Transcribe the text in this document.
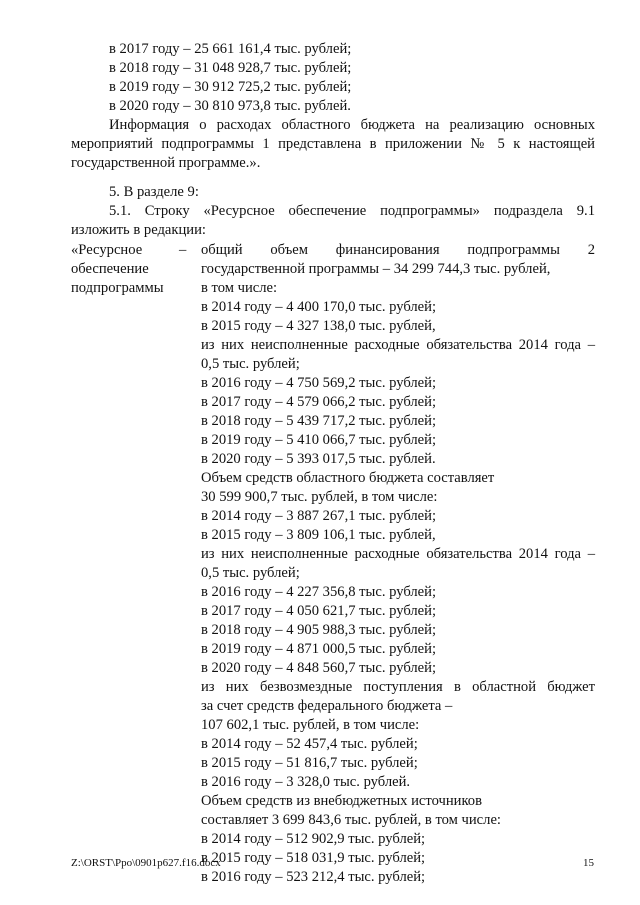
в 2017 году – 25 661 161,4 тыс. рублей;
в 2018 году – 31 048 928,7 тыс. рублей;
в 2019 году – 30 912 725,2 тыс. рублей;
в 2020 году – 30 810 973,8 тыс. рублей.
Информация о расходах областного бюджета на реализацию основных
мероприятий подпрограммы 1 представлена в приложении № 5 к настоящей
государственной программе.».
5. В разделе 9:
5.1. Строку «Ресурсное обеспечение подпрограммы» подраздела 9.1
изложить в редакции:
«Ресурсное
обеспечение
подпрограммы
– общий объем финансирования подпрограммы 2
государственной программы – 34 299 744,3 тыс. рублей,
в том числе:
в 2014 году – 4 400 170,0 тыс. рублей;
в 2015 году – 4 327 138,0 тыс. рублей,
из них неисполненные расходные обязательства 2014 года –
0,5 тыс. рублей;
в 2016 году – 4 750 569,2 тыс. рублей;
в 2017 году – 4 579 066,2 тыс. рублей;
в 2018 году – 5 439 717,2 тыс. рублей;
в 2019 году – 5 410 066,7 тыс. рублей;
в 2020 году – 5 393 017,5 тыс. рублей.
Объем средств областного бюджета составляет
30 599 900,7 тыс. рублей, в том числе:
в 2014 году – 3 887 267,1 тыс. рублей;
в 2015 году – 3 809 106,1 тыс. рублей,
из них неисполненные расходные обязательства 2014 года –
0,5 тыс. рублей;
в 2016 году – 4 227 356,8 тыс. рублей;
в 2017 году – 4 050 621,7 тыс. рублей;
в 2018 году – 4 905 988,3 тыс. рублей;
в 2019 году – 4 871 000,5 тыс. рублей;
в 2020 году – 4 848 560,7 тыс. рублей;
из них безвозмездные поступления в областной бюджет
за счет средств федерального бюджета –
107 602,1 тыс. рублей, в том числе:
в 2014 году – 52 457,4 тыс. рублей;
в 2015 году – 51 816,7 тыс. рублей;
в 2016 году – 3 328,0 тыс. рублей.
Объем средств из внебюджетных источников
составляет 3 699 843,6 тыс. рублей, в том числе:
в 2014 году – 512 902,9 тыс. рублей;
в 2015 году – 518 031,9 тыс. рублей;
в 2016 году – 523 212,4 тыс. рублей;
Z:\ORST\Ppo\0901p627.f16.docx	15
